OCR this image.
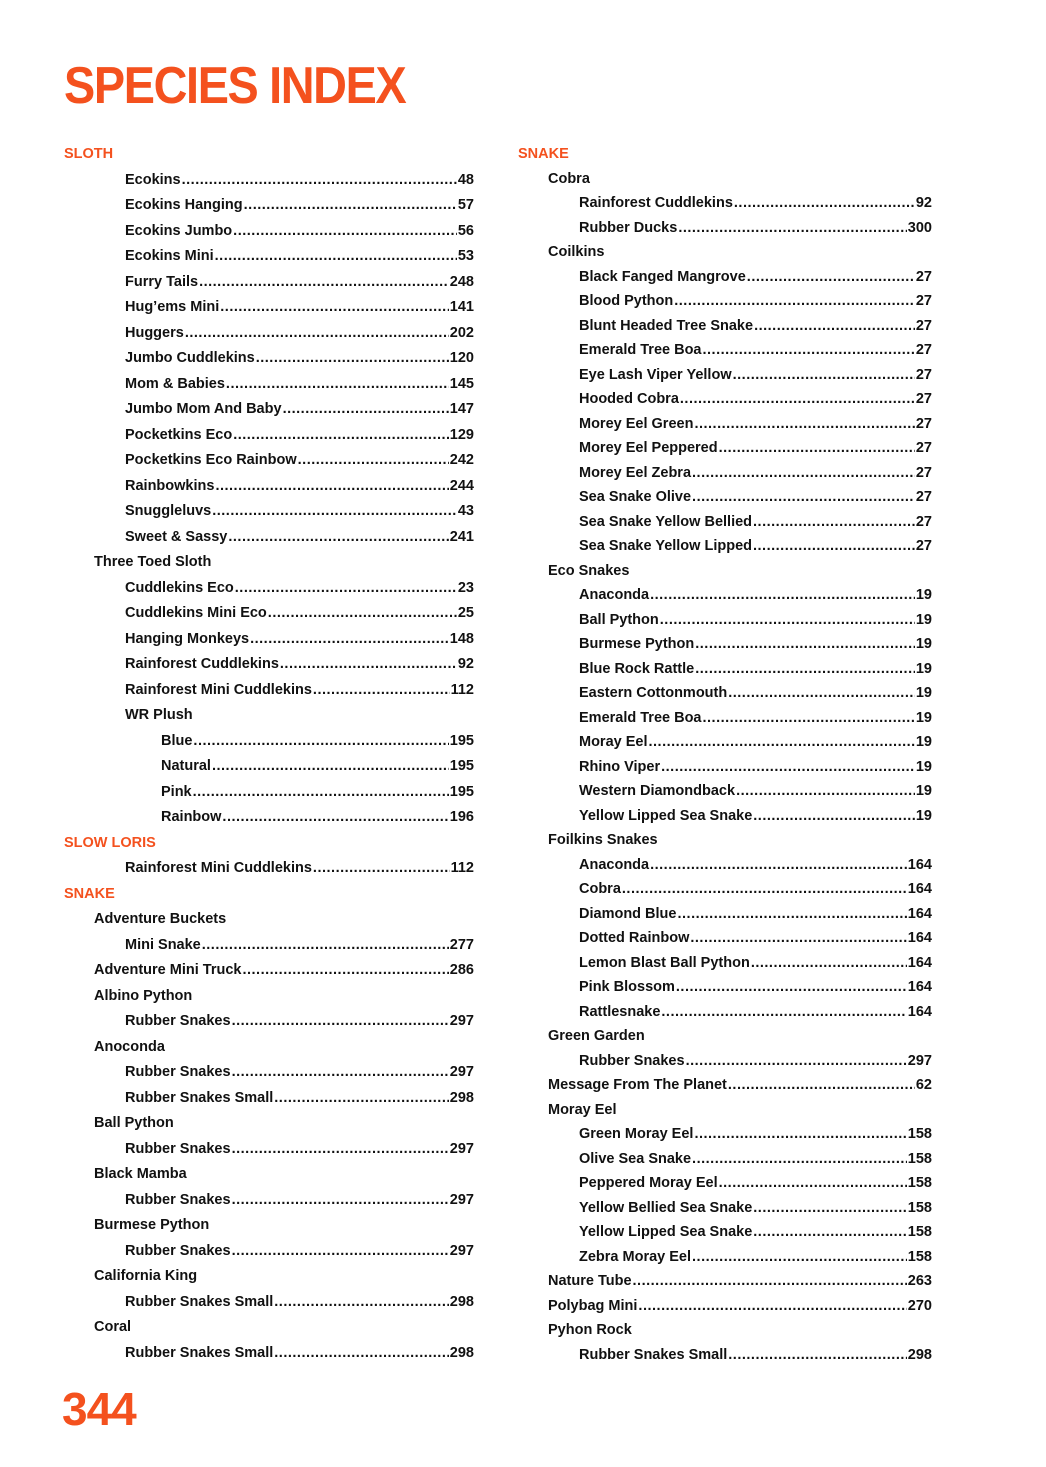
SPECIES INDEX
SLOTH
Ecokins .....	48
Ecokins Hanging .....	57
Ecokins Jumbo .....	56
Ecokins Mini .....	53
Furry Tails .....	248
Hug’ems Mini .....	141
Huggers .....	202
Jumbo Cuddlekins .....	120
Mom & Babies .....	145
Jumbo Mom And Baby .....	147
Pocketkins Eco .....	129
Pocketkins Eco Rainbow .....	242
Rainbowkins .....	244
Snuggleluvs .....	43
Sweet & Sassy .....	241
Three Toed Sloth
Cuddlekins Eco .....	23
Cuddlekins Mini Eco .....	25
Hanging Monkeys .....	148
Rainforest Cuddlekins .....	92
Rainforest Mini Cuddlekins .....	112
WR Plush
Blue .....	195
Natural .....	195
Pink .....	195
Rainbow .....	196
SLOW LORIS
Rainforest Mini Cuddlekins .....	112
SNAKE
Adventure Buckets
Mini Snake .....	277
Adventure Mini Truck .....	286
Albino Python
Rubber Snakes .....	297
Anoconda
Rubber Snakes .....	297
Rubber Snakes Small .....	298
Ball Python
Rubber Snakes .....	297
Black Mamba
Rubber Snakes .....	297
Burmese Python
Rubber Snakes .....	297
California King
Rubber Snakes Small .....	298
Coral
Rubber Snakes Small .....	298
SNAKE
Cobra
Rainforest Cuddlekins .....	92
Rubber Ducks .....	300
Coilkins
Black Fanged Mangrove .....	27
Blood Python .....	27
Blunt Headed Tree Snake .....	27
Emerald Tree Boa .....	27
Eye Lash Viper Yellow .....	27
Hooded Cobra .....	27
Morey Eel Green .....	27
Morey Eel Peppered .....	27
Morey Eel Zebra .....	27
Sea Snake Olive .....	27
Sea Snake Yellow Bellied .....	27
Sea Snake Yellow Lipped .....	27
Eco Snakes
Anaconda .....	19
Ball Python .....	19
Burmese Python .....	19
Blue Rock Rattle .....	19
Eastern Cottonmouth .....	19
Emerald Tree Boa .....	19
Moray Eel .....	19
Rhino Viper .....	19
Western Diamondback .....	19
Yellow Lipped Sea Snake .....	19
Foilkins Snakes
Anaconda .....	164
Cobra .....	164
Diamond Blue .....	164
Dotted Rainbow .....	164
Lemon Blast Ball Python .....	164
Pink Blossom .....	164
Rattlesnake .....	164
Green Garden
Rubber Snakes .....	297
Message From The Planet .....	62
Moray Eel
Green Moray Eel .....	158
Olive Sea Snake .....	158
Peppered Moray Eel .....	158
Yellow Bellied Sea Snake .....	158
Yellow Lipped Sea Snake .....	158
Zebra Moray Eel .....	158
Nature Tube .....	263
Polybag Mini .....	270
Pyhon Rock
Rubber Snakes Small .....	298
344
